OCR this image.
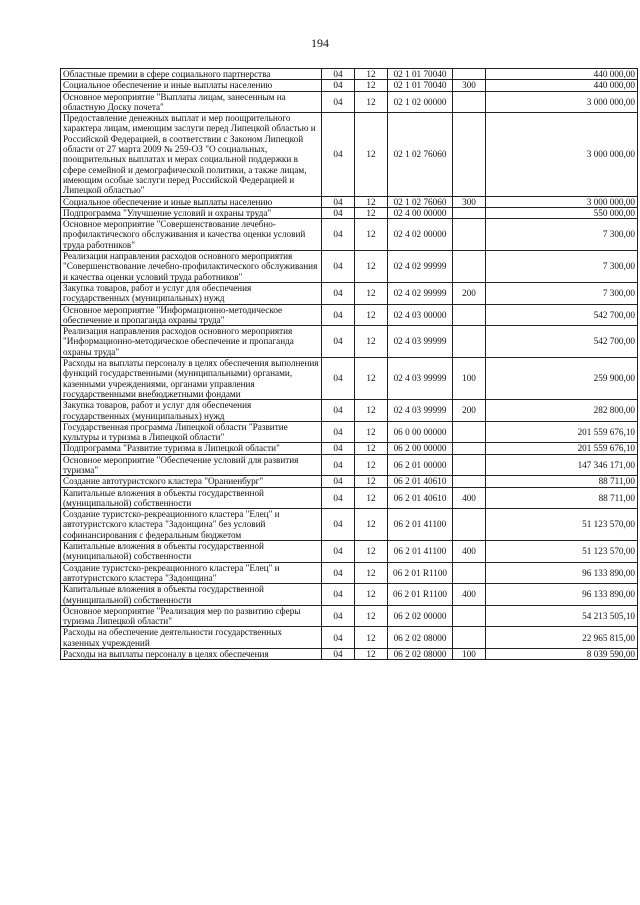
194
Областные премии в сфере социального партнерства	04	12	02 1 01 70040		440 000,00
Социальное обеспечение и иные выплаты населению	04	12	02 1 01 70040	300	440 000,00
Основное мероприятие "Выплаты лицам, занесенным на областную Доску почета"	04	12	02 1 02 00000		3 000 000,00
Предоставление денежных выплат и мер поощрительного характера лицам, имеющим заслуги перед Липецкой областью и Российской Федерацией, в соответствии с Законом Липецкой области от 27 марта 2009 № 259-ОЗ "О социальных, поощрительных выплатах и мерах социальной поддержки в сфере семейной и демографической политики, а также лицам, имеющим особые заслуги перед Российской Федерацией и Липецкой областью"	04	12	02 1 02 76060		3 000 000,00
Социальное обеспечение и иные выплаты населению	04	12	02 1 02 76060	300	3 000 000,00
Подпрограмма "Улучшение условий и охраны труда"	04	12	02 4 00 00000		550 000,00
Основное мероприятие "Совершенствование лечебно-профилактического обслуживания и качества оценки условий труда работников"	04	12	02 4 02 00000		7 300,00
Реализация направления расходов основного мероприятия "Совершенствование лечебно-профилактического обслуживания и качества оценки условий труда работников"	04	12	02 4 02 99999		7 300,00
Закупка товаров, работ и услуг для обеспечения государственных (муниципальных) нужд	04	12	02 4 02 99999	200	7 300,00
Основное мероприятие "Информационно-методическое обеспечение и пропаганда охраны труда"	04	12	02 4 03 00000		542 700,00
Реализация направления расходов основного мероприятия "Информационно-методическое обеспечение и пропаганда охраны труда"	04	12	02 4 03 99999		542 700,00
Расходы на выплаты персоналу в целях обеспечения выполнения функций государственными (муниципальными) органами, казенными учреждениями, органами управления государственными внебюджетными фондами	04	12	02 4 03 99999	100	259 900,00
Закупка товаров, работ и услуг для обеспечения государственных (муниципальных) нужд	04	12	02 4 03 99999	200	282 800,00
Государственная программа Липецкой области "Развитие культуры и туризма в Липецкой области"	04	12	06 0 00 00000		201 559 676,10
Подпрограмма "Развитие туризма в Липецкой области"	04	12	06 2 00 00000		201 559 676,10
Основное мероприятие "Обеспечение условий для развития туризма"	04	12	06 2 01 00000		147 346 171,00
Создание автотуристского кластера "Ораниенбург"	04	12	06 2 01 40610		88 711,00
Капитальные вложения в объекты государственной (муниципальной) собственности	04	12	06 2 01 40610	400	88 711,00
Создание туристско-рекреационного кластера "Елец" и автотуристского кластера "Задонщина" без условий софинансирования с федеральным бюджетом	04	12	06 2 01 41100		51 123 570,00
Капитальные вложения в объекты государственной (муниципальной) собственности	04	12	06 2 01 41100	400	51 123 570,00
Создание туристско-рекреационного кластера "Елец" и автотуристского кластера "Задонщина"	04	12	06 2 01 R1100		96 133 890,00
Капитальные вложения в объекты государственной (муниципальной) собственности	04	12	06 2 01 R1100	400	96 133 890,00
Основное мероприятие "Реализация мер по развитию сферы туризма Липецкой области"	04	12	06 2 02 00000		54 213 505,10
Расходы на обеспечение деятельности государственных казенных учреждений	04	12	06 2 02 08000		22 965 815,00
Расходы на выплаты персоналу в целях обеспечения	04	12	06 2 02 08000	100	8 039 590,00
